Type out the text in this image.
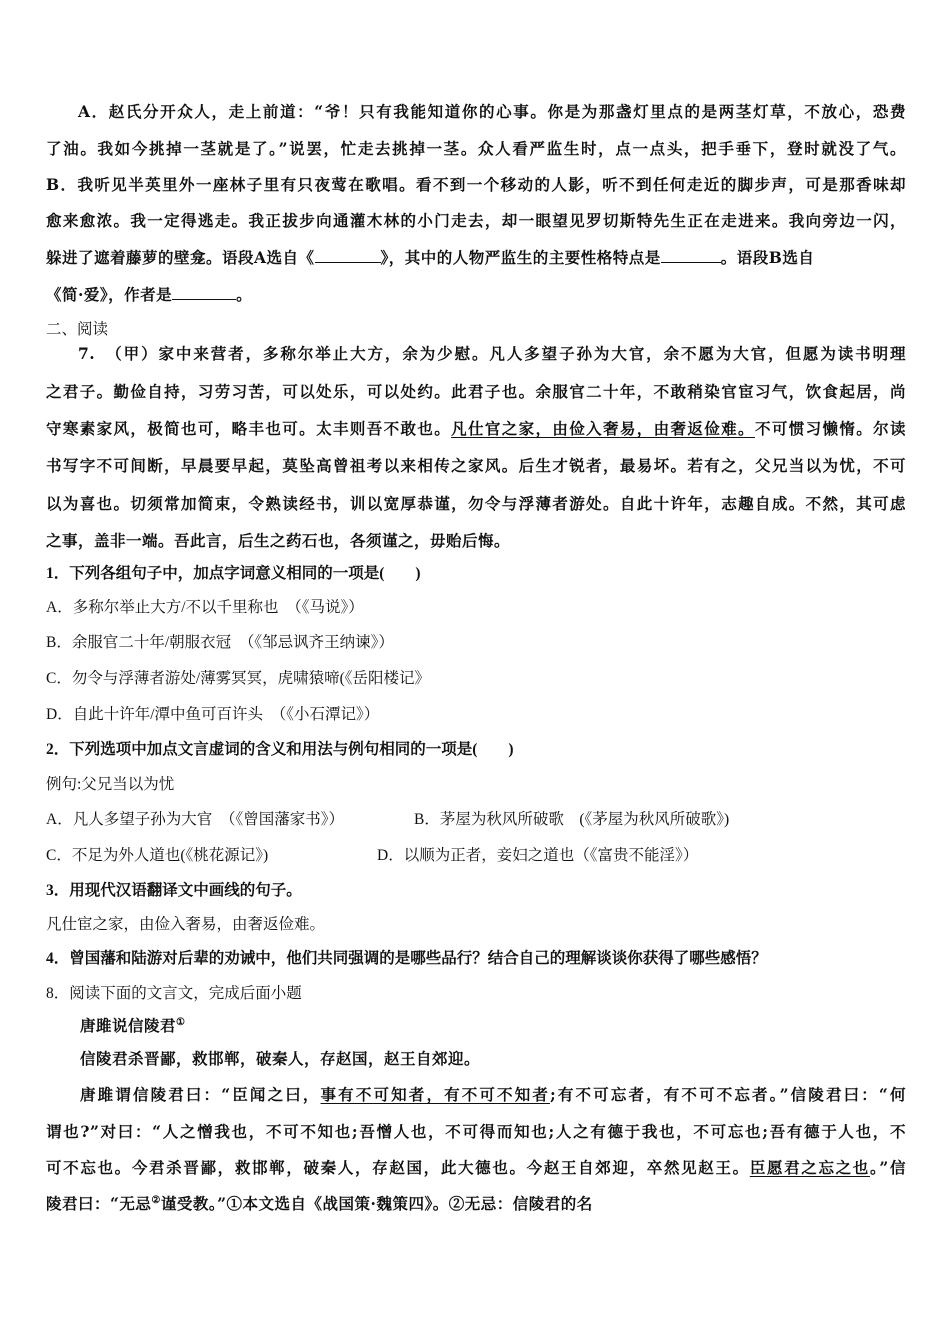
A．赵氏分开众人，走上前道：“爷！只有我能知道你的心事。你是为那盏灯里点的是两茎灯草，不放心，恐费
了油。我如今挑掉一茎就是了。”说罢，忙走去挑掉一茎。众人看严监生时，点一点头，把手垂下，登时就没了气。
B．我听见半英里外一座林子里有只夜莺在歌唱。看不到一个移动的人影，听不到任何走近的脚步声，可是那香味却
愈来愈浓。我一定得逃走。我正拔步向通灌木林的小门走去，却一眼望见罗切斯特先生正在走进来。我向旁边一闪，
躲进了遮着藤萝的壁龛。语段A选自《	》，其中的人物严监生的主要性格特点是	。语段B选自
《简·爱》，作者是	。
二、阅读
7.　（甲）家中来营者，多称尔举止大方，余为少慰。凡人多望子孙为大官，余不愿为大官，但愿为读书明理
之君子。勤俭自持，习劳习苦，可以处乐，可以处约。此君子也。余服官二十年，不敢稍染官宦习气，饮食起居，尚
守寒素家风，极简也可，略丰也可。太丰则吾不敢也。凡仕官之家，由俭入奢易，由奢返俭难。不可惯习懒惰。尔读
书写字不可间断，早晨要早起，莫坠高曾祖考以来相传之家风。后生才锐者，最易坏。若有之，父兄当以为忧，不可
以为喜也。切须常加简束，令熟读经书，训以宽厚恭谨，勿令与浮薄者游处。自此十许年，志趣自成。不然，其可虑
之事，盖非一端。吾此言，后生之药石也，各须谨之，毋贻后悔。
1．下列各组句子中，加点字词意义相同的一项是(　　)
A．多称尔举止大方/不以千里称也　（《马说》）
B．余服官二十年/朝服衣冠　（《邹忌讽齐王纳谏》）
C．勿令与浮薄者游处/薄雾冥冥，虎啸猿啼(《岳阳楼记》
D．自此十许年/潭中鱼可百许头　（《小石潭记》）
2．下列选项中加点文言虚词的含义和用法与例句相同的一项是(　　)
例句:父兄当以为忧
A．凡人多望子孙为大官　（《曾国藩家书》）	B．茅屋为秋风所破歌　(《茅屋为秋风所破歌》)
C．不足为外人道也(《桃花源记》)	D．以顺为正者，妾妇之道也（《富贵不能淫》）
3．用现代汉语翻译文中画线的句子。
凡仕宦之家，由俭入奢易，由奢返俭难。
4．曾国藩和陆游对后辈的劝诫中，他们共同强调的是哪些品行？结合自己的理解谈谈你获得了哪些感悟？
8．阅读下面的文言文，完成后面小题
唐雎说信陵君①
信陵君杀晋鄙，救邯郸，破秦人，存赵国，赵王自郊迎。
唐雎谓信陵君曰：“臣闻之曰，事有不可知者，有不可不知者;有不可忘者，有不可不忘者。”信陵君曰：“何
谓也?”对曰：“人之憎我也，不可不知也;吾憎人也，不可得而知也;人之有德于我也，不可忘也;吾有德于人也，不
可不忘也。今君杀晋鄙，救邯郸，破秦人，存赵国，此大德也。今赵王自郊迎，卒然见赵王。臣愿君之忘之也。”信
陵君曰：“无忌②谨受教。”①本文选自《战国策·魏策四》。②无忌：信陵君的名
